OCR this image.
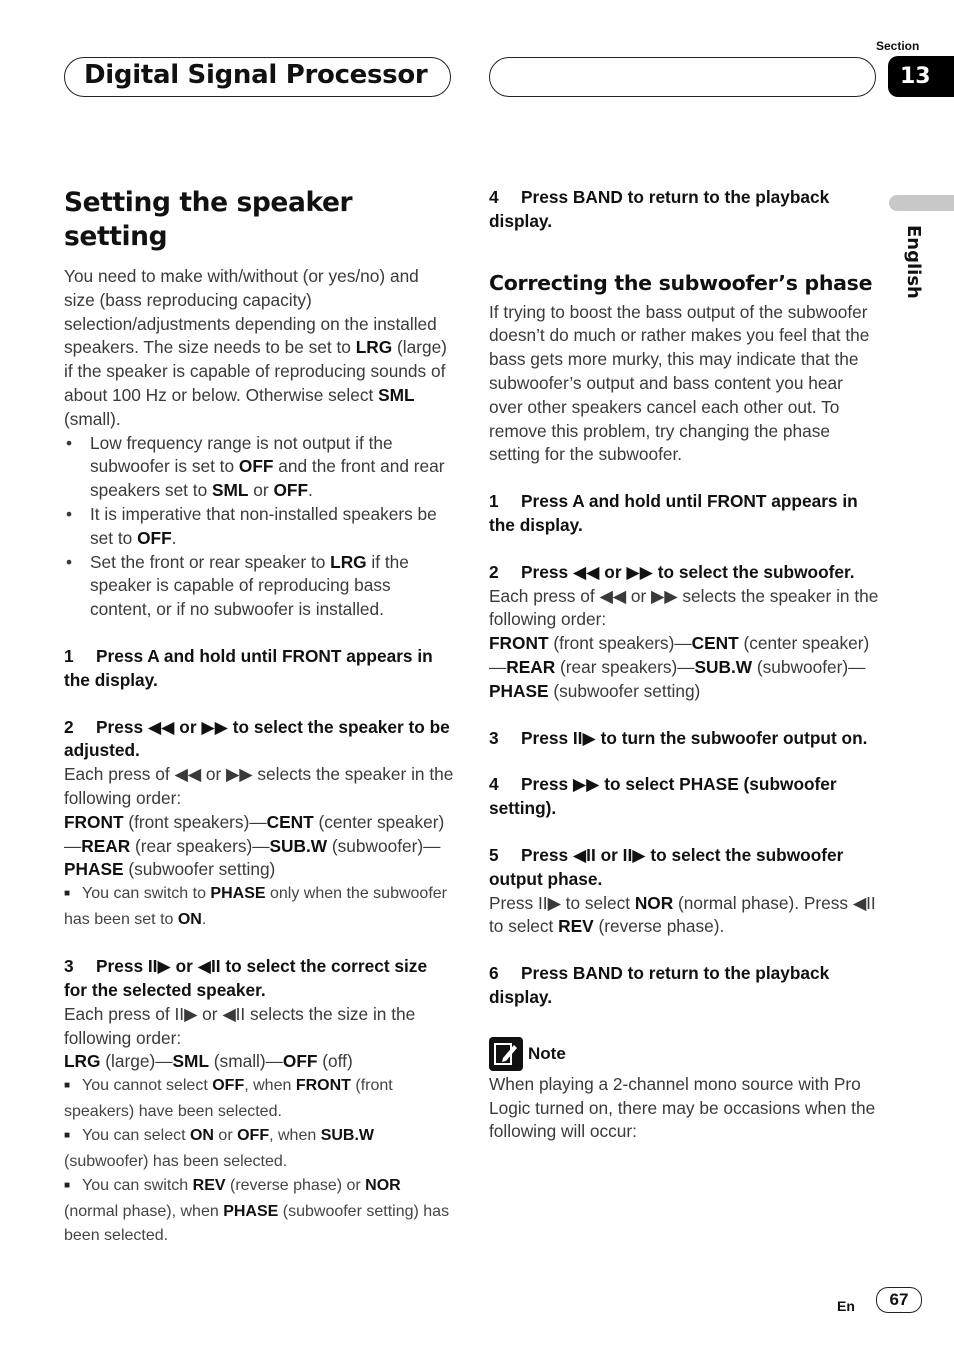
Digital Signal Processor
Section
13
English
Setting the speaker setting

You need to make with/without (or yes/no) and size (bass reproducing capacity) selection/adjustments depending on the installed speakers. The size needs to be set to LRG (large) if the speaker is capable of reproducing sounds of about 100 Hz or below. Otherwise select SML (small).

• Low frequency range is not output if the subwoofer is set to OFF and the front and rear speakers set to SML or OFF.
• It is imperative that non-installed speakers be set to OFF.
• Set the front or rear speaker to LRG if the speaker is capable of reproducing bass content, or if no subwoofer is installed.
1 Press A and hold until FRONT appears in the display.
2 Press ◀◀ or ▶▶ to select the speaker to be adjusted.

Each press of ◀◀ or ▶▶ selects the speaker in the following order:

FRONT (front speakers)—CENT (center speaker)—REAR (rear speakers)—SUB.W (subwoofer)—PHASE (subwoofer setting)

■ You can switch to PHASE only when the subwoofer has been set to ON.
3 Press II▶ or ◀II to select the correct size for the selected speaker.

Each press of II▶ or ◀II selects the size in the following order:

LRG (large)—SML (small)—OFF (off)

■ You cannot select OFF, when FRONT (front speakers) have been selected.
■ You can select ON or OFF, when SUB.W (subwoofer) has been selected.
■ You can switch REV (reverse phase) or NOR (normal phase), when PHASE (subwoofer setting) has been selected.
4 Press BAND to return to the playback display.
Correcting the subwoofer’s phase

If trying to boost the bass output of the subwoofer doesn’t do much or rather makes you feel that the bass gets more murky, this may indicate that the subwoofer’s output and bass content you hear over other speakers cancel each other out. To remove this problem, try changing the phase setting for the subwoofer.

1 Press A and hold until FRONT appears in the display.
2 Press ◀◀ or ▶▶ to select the subwoofer.

Each press of ◀◀ or ▶▶ selects the speaker in the following order:

FRONT (front speakers)—CENT (center speaker)—REAR (rear speakers)—SUB.W (subwoofer)—PHASE (subwoofer setting)

3 Press II▶ to turn the subwoofer output on.
4 Press ▶▶ to select PHASE (subwoofer setting).
5 Press ◀II or II▶ to select the subwoofer output phase.

Press II▶ to select NOR (normal phase). Press ◀II to select REV (reverse phase).

6 Press BAND to return to the playback display.
Note

When playing a 2-channel mono source with Pro Logic turned on, there may be occasions when the following will occur:

En	67
